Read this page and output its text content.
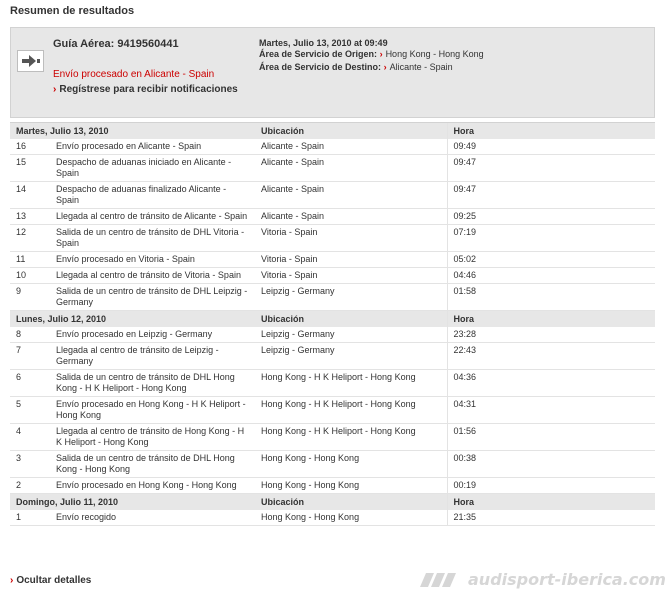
Resumen de resultados
Guía Aérea: 9419560441
Envío procesado en Alicante - Spain
› Regístrese para recibir notificaciones
Martes, Julio 13, 2010 at 09:49
Área de Servicio de Origen: › Hong Kong - Hong Kong
Área de Servicio de Destino: › Alicante - Spain
Martes, Julio 13, 2010		Ubicación	Hora	
16	Envío procesado en Alicante - Spain	Alicante - Spain	09:49	
15	Despacho de aduanas iniciado en Alicante - Spain	Alicante - Spain	09:47	
14	Despacho de aduanas finalizado Alicante - Spain	Alicante - Spain	09:47	
13	Llegada al centro de tránsito de Alicante - Spain	Alicante - Spain	09:25	
12	Salida de un centro de tránsito de DHL Vitoria - Spain	Vitoria - Spain	07:19	
11	Envío procesado en Vitoria - Spain	Vitoria - Spain	05:02	
10	Llegada al centro de tránsito de Vitoria - Spain	Vitoria - Spain	04:46	
9	Salida de un centro de tránsito de DHL Leipzig - Germany	Leipzig - Germany	01:58	
Lunes, Julio 12, 2010		Ubicación	Hora	
8	Envío procesado en Leipzig - Germany	Leipzig - Germany	23:28	
7	Llegada al centro de tránsito de Leipzig - Germany	Leipzig - Germany	22:43	
6	Salida de un centro de tránsito de DHL Hong Kong - H K Heliport - Hong Kong	Hong Kong - H K Heliport - Hong Kong	04:36	
5	Envío procesado en Hong Kong - H K Heliport - Hong Kong	Hong Kong - H K Heliport - Hong Kong	04:31	
4	Llegada al centro de tránsito de Hong Kong - H K Heliport - Hong Kong	Hong Kong - H K Heliport - Hong Kong	01:56	
3	Salida de un centro de tránsito de DHL Hong Kong - Hong Kong	Hong Kong - Hong Kong	00:38	
2	Envío procesado en Hong Kong - Hong Kong	Hong Kong - Hong Kong	00:19	
Domingo, Julio 11, 2010		Ubicación	Hora	
1	Envío recogido	Hong Kong - Hong Kong	21:35	
› Ocultar detalles	audisport-iberica.com
